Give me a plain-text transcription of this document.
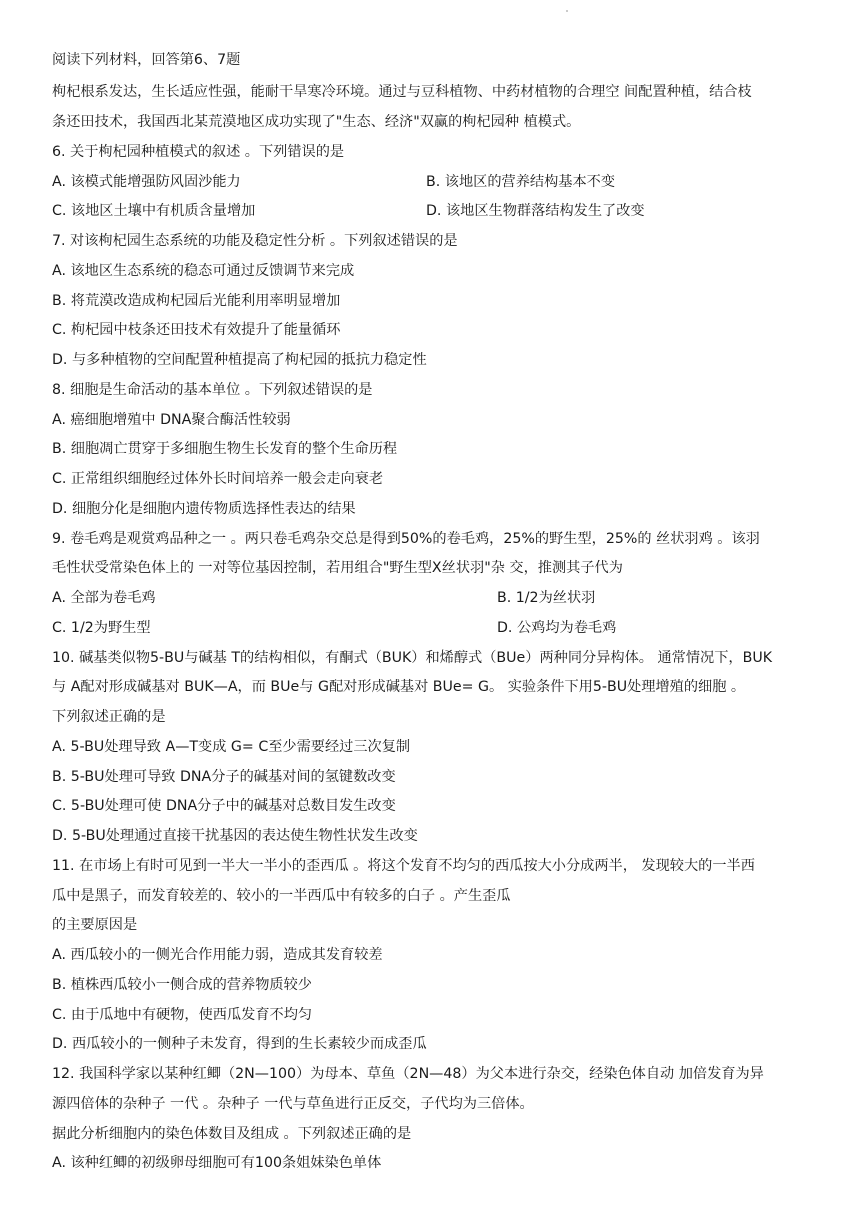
阅读下列材料，回答第6、7题
枸杞根系发达，生长适应性强，能耐干旱寒冷环境。通过与豆科植物、中药材植物的合理空 间配置种植，结合枝
条还田技术，我国西北某荒漠地区成功实现了"生态、经济"双赢的枸杞园种 植模式。
6. 关于枸杞园种植模式的叙述 。下列错误的是
A. 该模式能增强防风固沙能力	B. 该地区的营养结构基本不变
C. 该地区土壤中有机质含量增加	D. 该地区生物群落结构发生了改变
7. 对该枸杞园生态系统的功能及稳定性分析 。下列叙述错误的是
A. 该地区生态系统的稳态可通过反馈调节来完成
B. 将荒漠改造成枸杞园后光能利用率明显增加
C. 枸杞园中枝条还田技术有效提升了能量循环
D. 与多种植物的空间配置种植提高了枸杞园的抵抗力稳定性
8. 细胞是生命活动的基本单位 。下列叙述错误的是
A. 癌细胞增殖中 DNA聚合酶活性较弱
B. 细胞凋亡贯穿于多细胞生物生长发育的整个生命历程
C. 正常组织细胞经过体外长时间培养一般会走向衰老
D. 细胞分化是细胞内遗传物质选择性表达的结果
9. 卷毛鸡是观赏鸡品种之一 。两只卷毛鸡杂交总是得到50%的卷毛鸡，25%的野生型，25%的 丝状羽鸡 。该羽
毛性状受常染色体上的 一对等位基因控制，若用组合"野生型X丝状羽"杂 交，推测其子代为
A. 全部为卷毛鸡	B. 1/2为丝状羽
C. 1/2为野生型	D. 公鸡均为卷毛鸡
10. 碱基类似物5-BU与碱基 T的结构相似，有酮式（BUK）和烯醇式（BUe）两种同分异构体。 通常情况下，BUK
与 A配对形成碱基对 BUK—A，而 BUe与 G配对形成碱基对 BUe= G。 实验条件下用5-BU处理增殖的细胞 。
下列叙述正确的是
A. 5-BU处理导致 A—T变成 G= C至少需要经过三次复制
B. 5-BU处理可导致 DNA分子的碱基对间的氢键数改变
C. 5-BU处理可使 DNA分子中的碱基对总数目发生改变
D. 5-BU处理通过直接干扰基因的表达使生物性状发生改变
11. 在市场上有时可见到一半大一半小的歪西瓜 。将这个发育不均匀的西瓜按大小分成两半， 发现较大的一半西
瓜中是黑子，而发育较差的、较小的一半西瓜中有较多的白子 。产生歪瓜
的主要原因是
A. 西瓜较小的一侧光合作用能力弱，造成其发育较差
B. 植株西瓜较小一侧合成的营养物质较少
C. 由于瓜地中有硬物，使西瓜发育不均匀
D. 西瓜较小的一侧种子未发育，得到的生长素较少而成歪瓜
12. 我国科学家以某种红鲫（2N—100）为母本、草鱼（2N—48）为父本进行杂交，经染色体自动 加倍发育为异
源四倍体的杂种子 一代 。杂种子 一代与草鱼进行正反交，子代均为三倍体。
据此分析细胞内的染色体数目及组成 。下列叙述正确的是
A. 该种红鲫的初级卵母细胞可有100条姐妹染色单体
